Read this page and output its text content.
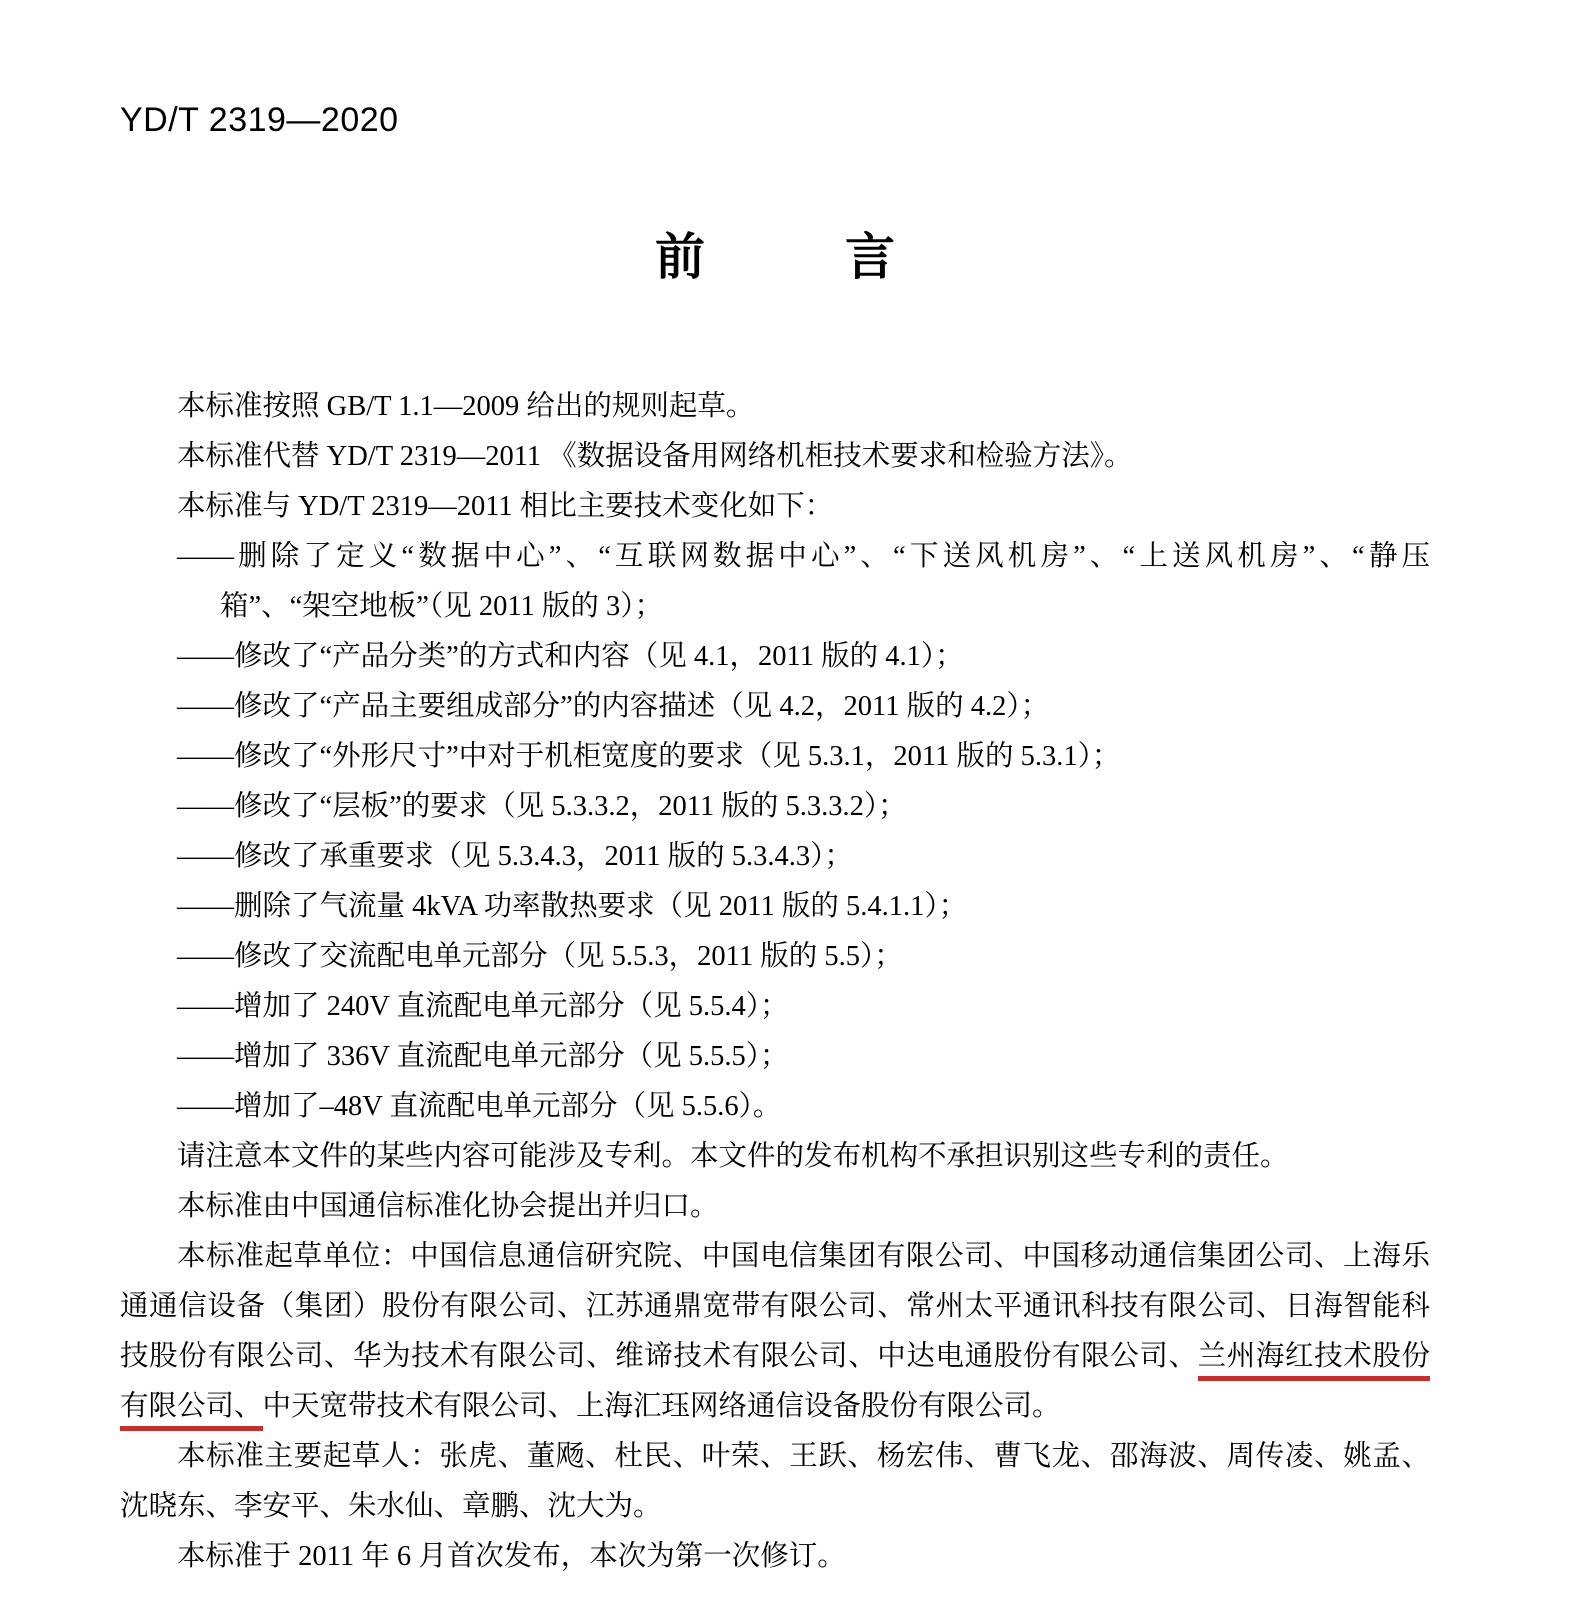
YD/T 2319—2020
前	言
本标准按照 GB/T 1.1—2009 给出的规则起草。
本标准代替 YD/T 2319—2011 《数据设备用网络机柜技术要求和检验方法》。
本标准与 YD/T 2319—2011 相比主要技术变化如下：
——删除了定义“数据中心”、“互联网数据中心”、“下送风机房”、“上送风机房”、“静压
箱”、“架空地板”（见 2011 版的 3）；
——修改了“产品分类”的方式和内容（见 4.1，2011 版的 4.1）；
——修改了“产品主要组成部分”的内容描述（见 4.2，2011 版的 4.2）；
——修改了“外形尺寸”中对于机柜宽度的要求（见 5.3.1，2011 版的 5.3.1）；
——修改了“层板”的要求（见 5.3.3.2，2011 版的 5.3.3.2）；
——修改了承重要求（见 5.3.4.3，2011 版的 5.3.4.3）；
——删除了气流量 4kVA 功率散热要求（见 2011 版的 5.4.1.1）；
——修改了交流配电单元部分（见 5.5.3，2011 版的 5.5）；
——增加了 240V 直流配电单元部分（见 5.5.4）；
——增加了 336V 直流配电单元部分（见 5.5.5）；
——增加了–48V 直流配电单元部分（见 5.5.6）。
请注意本文件的某些内容可能涉及专利。本文件的发布机构不承担识别这些专利的责任。
本标准由中国通信标准化协会提出并归口。
本标准起草单位：中国信息通信研究院、中国电信集团有限公司、中国移动通信集团公司、上海乐
通通信设备（集团）股份有限公司、江苏通鼎宽带有限公司、常州太平通讯科技有限公司、日海智能科
技股份有限公司、华为技术有限公司、维谛技术有限公司、中达电通股份有限公司、兰州海红技术股份
有限公司、中天宽带技术有限公司、上海汇珏网络通信设备股份有限公司。
本标准主要起草人：张虎、董飏、杜民、叶荣、王跃、杨宏伟、曹飞龙、邵海波、周传凌、姚孟、
沈晓东、李安平、朱水仙、章鹏、沈大为。
本标准于 2011 年 6 月首次发布，本次为第一次修订。
